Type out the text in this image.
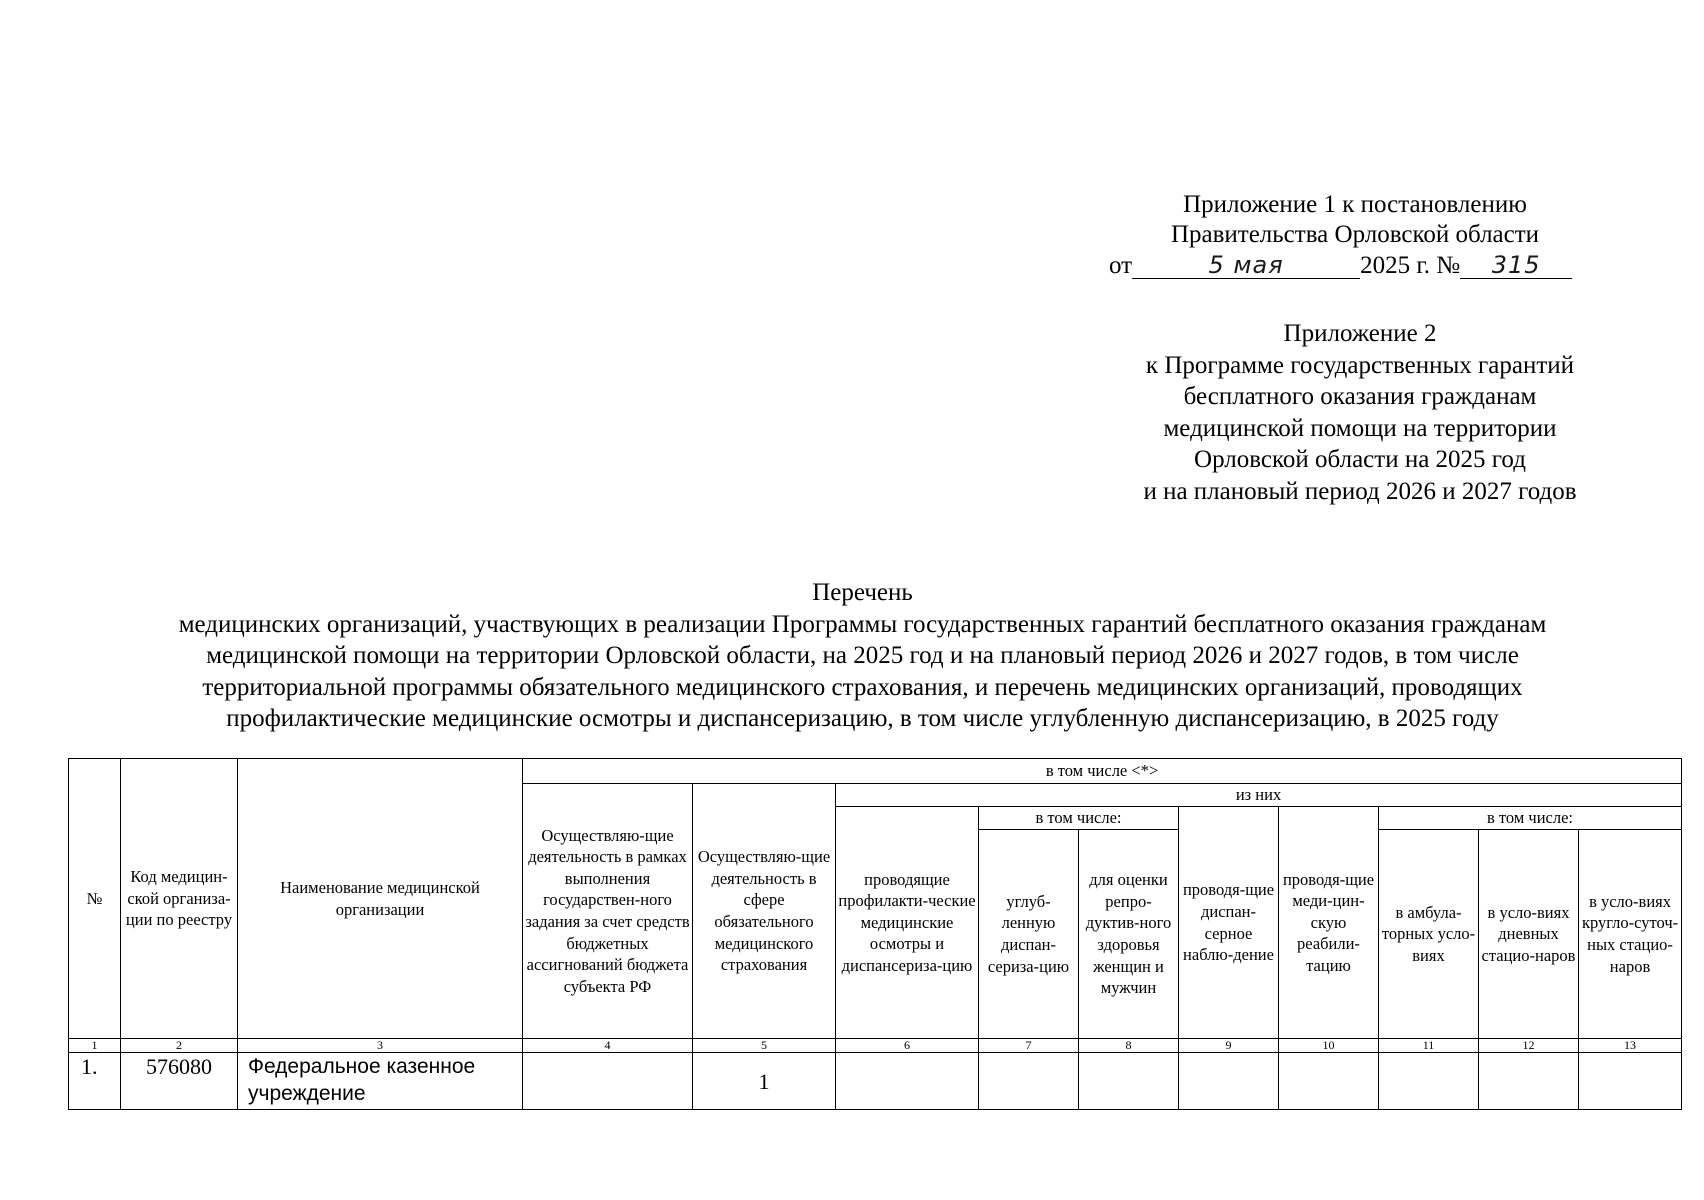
Приложение 1 к постановлению
Правительства Орловской области
от	5 мая	2025 г. № 315
Приложение 2
к Программе государственных гарантий
бесплатного оказания гражданам
медицинской помощи на территории
Орловской области на 2025 год
и на плановый период 2026 и 2027 годов
Перечень
медицинских организаций, участвующих в реализации Программы государственных гарантий бесплатного оказания гражданам
медицинской помощи на территории Орловской области, на 2025 год и на плановый период 2026 и 2027 годов, в том числе
территориальной программы обязательного медицинского страхования, и перечень медицинских организаций, проводящих
профилактические медицинские осмотры и диспансеризацию, в том числе углубленную диспансеризацию, в 2025 году
№	Код медицин-ской организа-ции по реестру	Наименование медицинской организации	в том числе <*>									
			Осуществляю-щие деятельность в рамках выполнения государствен-ного задания за счет средств бюджетных ассигнований бюджета субъекта РФ	Осуществляю-щие деятельность в сфере обязательного медицинского страхования	из них							
					проводящие профилакти-ческие медицинские осмотры и диспансериза-цию	в том числе:		проводя-щие диспан-серное наблю-дение	проводя-щие меди-цин-скую реабили-тацию	в том числе:		
						углуб-ленную диспан-сериза-цию	для оценки репро-дуктив-ного здоровья женщин и мужчин			в амбула-торных усло-виях	в усло-виях дневных стацио-наров	в усло-виях кругло-суточ-ных стацио-наров
1	2	3	4	5	6	7	8	9	10	11	12	13
1.	576080	Федеральное казенное учреждение		1								
